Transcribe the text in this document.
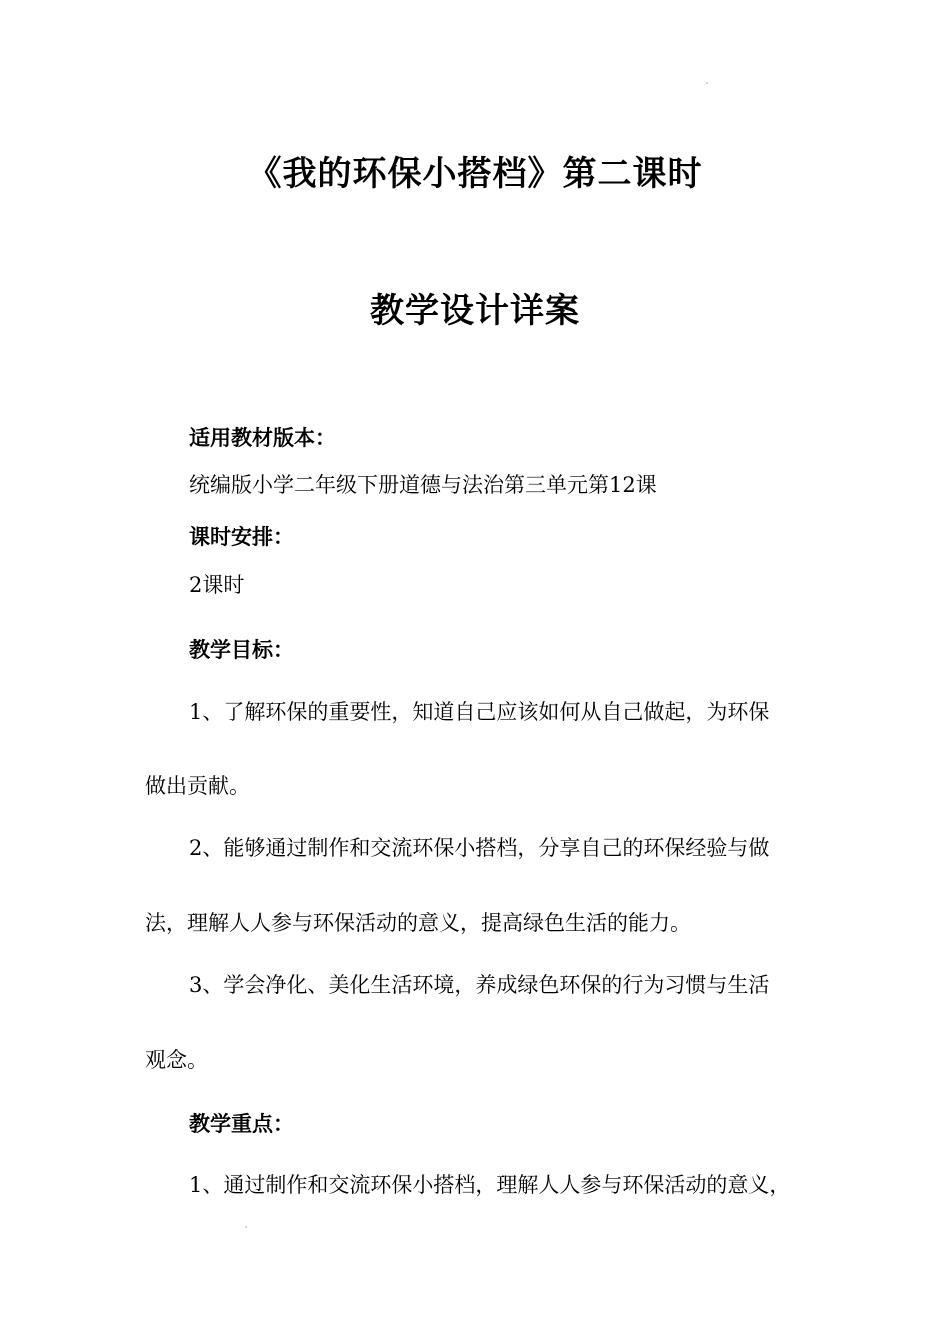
《我的环保小搭档》第二课时
教学设计详案

适用教材版本：

统编版小学二年级下册道德与法治第三单元第12课

课时安排：

2课时

教学目标：

1、了解环保的重要性，知道自己应该如何从自己做起，为环保

做出贡献。

2、能够通过制作和交流环保小搭档，分享自己的环保经验与做

法，理解人人参与环保活动的意义，提高绿色生活的能力。

3、学会净化、美化生活环境，养成绿色环保的行为习惯与生活

观念。

教学重点：

1、通过制作和交流环保小搭档，理解人人参与环保活动的意义，
